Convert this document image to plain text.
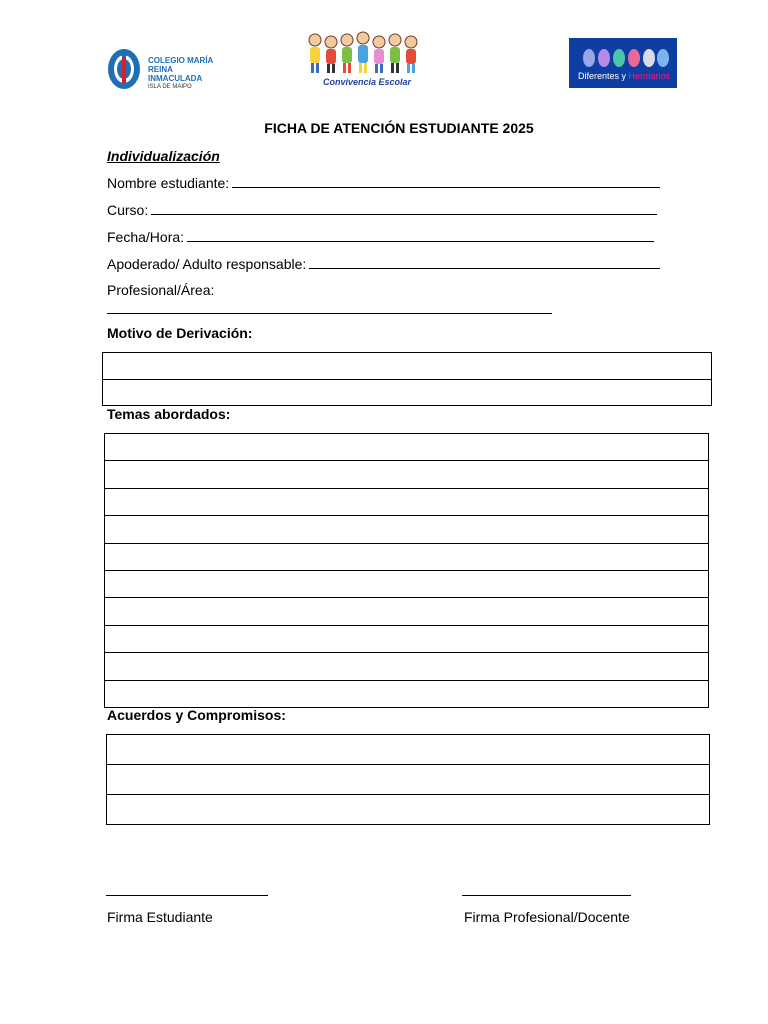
COLEGIO MARÍA
REINA INMACULADA
ISLA DE MAIPO	Convivencia Escolar
Diferentes y Hermanos
FICHA DE ATENCIÓN ESTUDIANTE 2025
Individualización
Nombre estudiante:
Curso:
Fecha/Hora:
Apoderado/ Adulto responsable:
Profesional/Área:
Motivo de Derivación:
Temas abordados:
Acuerdos y Compromisos:
Firma Estudiante	Firma Profesional/Docente
